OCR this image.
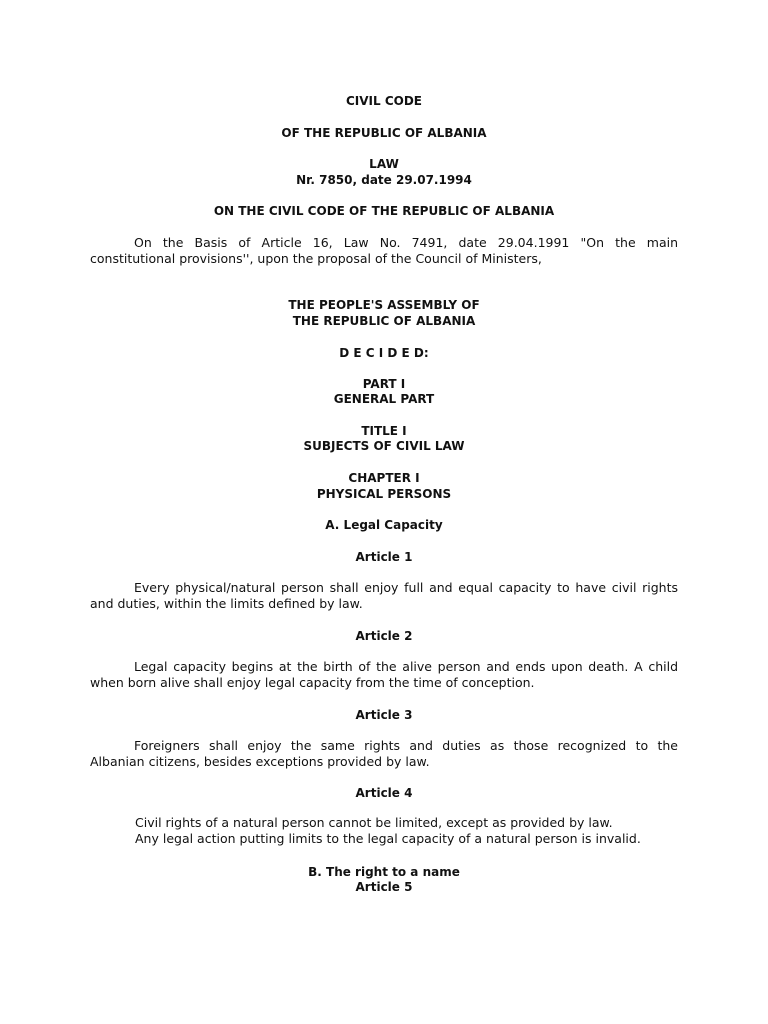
CIVIL CODE
OF THE REPUBLIC OF ALBANIA
LAW
Nr. 7850, date 29.07.1994
ON THE CIVIL CODE OF THE REPUBLIC OF ALBANIA
On the Basis of Article 16, Law No. 7491, date 29.04.1991 "On the main
constitutional provisions'', upon the proposal of the Council of Ministers,
THE PEOPLE'S ASSEMBLY OF
THE REPUBLIC OF ALBANIA
D E C I D E D:
PART I
GENERAL PART
TITLE I
SUBJECTS OF CIVIL LAW
CHAPTER I
PHYSICAL PERSONS
A. Legal Capacity
Article 1
Every physical/natural person shall enjoy full and equal capacity to have civil rights
and duties, within the limits defined by law.
Article 2
Legal capacity begins at the birth of the alive person and ends upon death. A child
when born alive shall enjoy legal capacity from the time of conception.
Article 3
Foreigners shall enjoy the same rights and duties as those recognized to the
Albanian citizens, besides exceptions provided by law.
Article 4
Civil rights of a natural person cannot be limited, except as provided by law.
Any legal action putting limits to the legal capacity of a natural person is invalid.
B. The right to a name
Article 5
